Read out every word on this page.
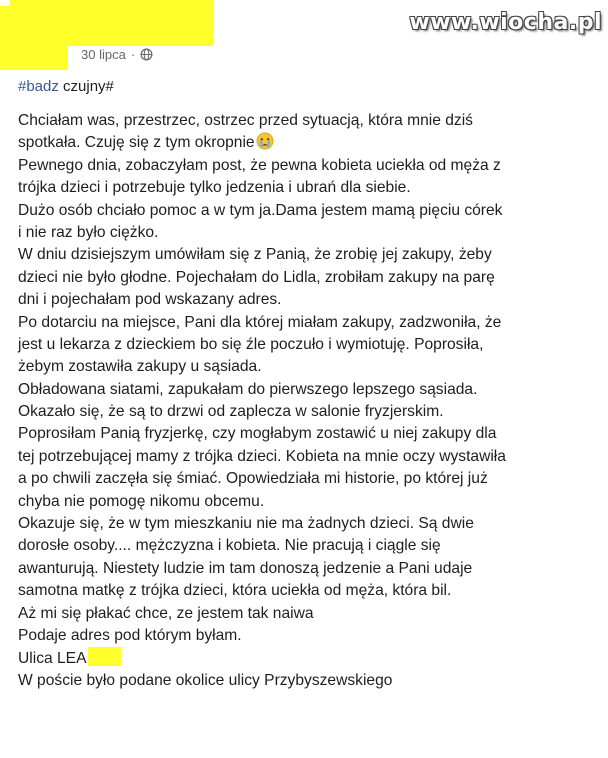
30 lipca ·
www.wiocha.pl
#badz czujny#
Chciałam was, przestrzec, ostrzec przed sytuacją, która mnie dziś
spotkała. Czuję się z tym okropnie
Pewnego dnia, zobaczyłam post, że pewna kobieta uciekła od męża z
trójka dzieci i potrzebuje tylko jedzenia i ubrań dla siebie.
Dużo osób chciało pomoc a w tym ja.Dama jestem mamą pięciu córek
i nie raz było ciężko.
W dniu dzisiejszym umówiłam się z Panią, że zrobię jej zakupy, żeby
dzieci nie było głodne. Pojechałam do Lidla, zrobiłam zakupy na parę
dni i pojechałam pod wskazany adres.
Po dotarciu na miejsce, Pani dla której miałam zakupy, zadzwoniła, że
jest u lekarza z dzieckiem bo się źle poczuło i wymiotuję. Poprosiła,
żebym zostawiła zakupy u sąsiada.
Obładowana siatami, zapukałam do pierwszego lepszego sąsiada.
Okazało się, że są to drzwi od zaplecza w salonie fryzjerskim.
Poprosiłam Panią fryzjerkę, czy mogłabym zostawić u niej zakupy dla
tej potrzebującej mamy z trójka dzieci. Kobieta na mnie oczy wystawiła
a po chwili zaczęła się śmiać. Opowiedziała mi historie, po której już
chyba nie pomogę nikomu obcemu.
Okazuje się, że w tym mieszkaniu nie ma żadnych dzieci. Są dwie
dorosłe osoby.... mężczyzna i kobieta. Nie pracują i ciągle się
awanturują. Niestety ludzie im tam donoszą jedzenie a Pani udaje
samotna matkę z trójka dzieci, która uciekła od męża, która bil.
Aż mi się płakać chce, ze jestem tak naiwa
Podaje adres pod którym byłam.
Ulica LEA
W poście było podane okolice ulicy Przybyszewskiego
